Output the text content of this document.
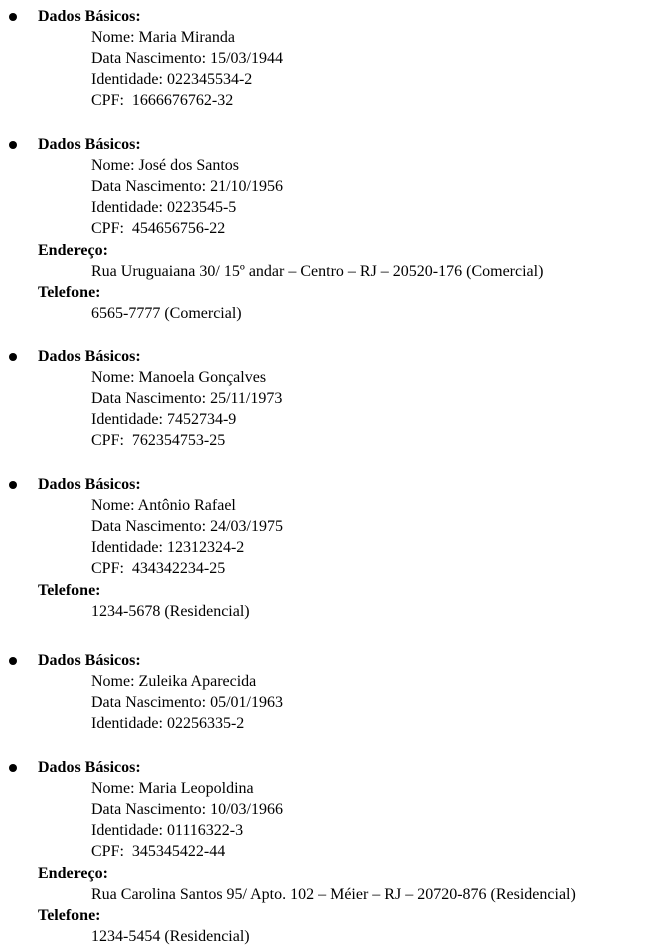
Dados Básicos:
Nome: Maria Miranda
Data Nascimento: 15/03/1944
Identidade: 022345534-2
CPF:  1666676762-32
Dados Básicos:
Nome: José dos Santos
Data Nascimento: 21/10/1956
Identidade: 0223545-5
CPF:  454656756-22
Endereço:
Rua Uruguaiana 30/ 15º andar – Centro – RJ – 20520-176 (Comercial)
Telefone:
6565-7777 (Comercial)
Dados Básicos:
Nome: Manoela Gonçalves
Data Nascimento: 25/11/1973
Identidade: 7452734-9
CPF:  762354753-25
Dados Básicos:
Nome: Antônio Rafael
Data Nascimento: 24/03/1975
Identidade: 12312324-2
CPF:  434342234-25
Telefone:
1234-5678 (Residencial)
Dados Básicos:
Nome: Zuleika Aparecida
Data Nascimento: 05/01/1963
Identidade: 02256335-2
Dados Básicos:
Nome: Maria Leopoldina
Data Nascimento: 10/03/1966
Identidade: 01116322-3
CPF:  345345422-44
Endereço:
Rua Carolina Santos 95/ Apto. 102 – Méier – RJ – 20720-876 (Residencial)
Telefone:
1234-5454 (Residencial)
